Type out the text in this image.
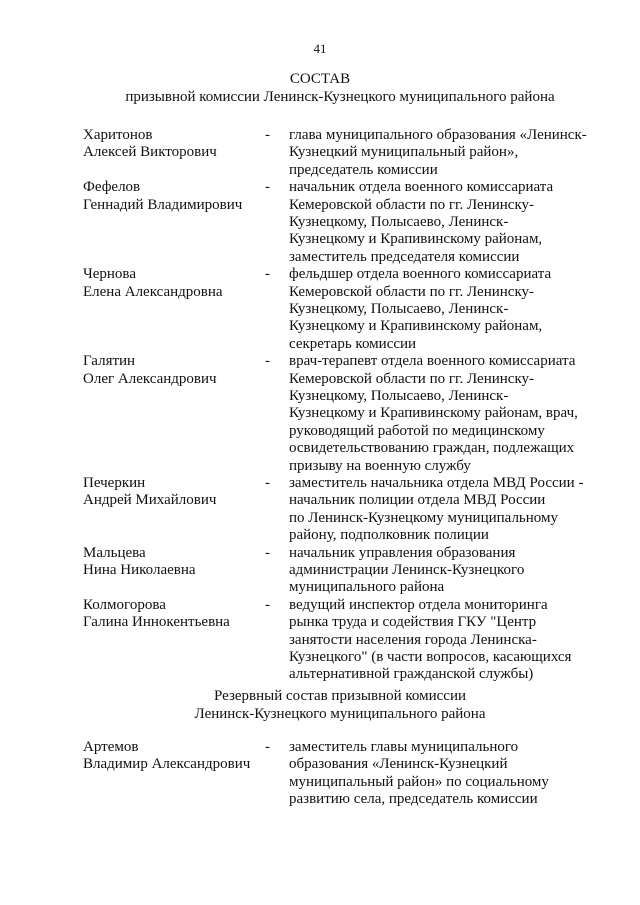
41
СОСТАВ
призывной комиссии Ленинск-Кузнецкого муниципального района
Харитонов
Алексей Викторович
- глава муниципального образования «Ленинск-
Кузнецкий муниципальный район»,
председатель комиссии
Фефелов
Геннадий Владимирович
- начальник отдела военного комиссариата
Кемеровской области по гг. Ленинску-
Кузнецкому, Полысаево, Ленинск-
Кузнецкому и Крапивинскому районам,
заместитель председателя комиссии
Чернова
Елена Александровна
- фельдшер отдела военного комиссариата
Кемеровской области по гг. Ленинску-
Кузнецкому, Полысаево, Ленинск-
Кузнецкому и Крапивинскому районам,
секретарь комиссии
Галятин
Олег Александрович
- врач-терапевт отдела военного комиссариата
Кемеровской области по гг. Ленинску-
Кузнецкому, Полысаево, Ленинск-
Кузнецкому и Крапивинскому районам, врач,
руководящий работой по медицинскому
освидетельствованию граждан, подлежащих
призыву на военную службу
Печеркин
Андрей Михайлович
- заместитель начальника отдела МВД России -
начальник полиции отдела МВД России
по Ленинск-Кузнецкому муниципальному
району, подполковник полиции
Мальцева
Нина Николаевна
- начальник управления образования
администрации Ленинск-Кузнецкого
муниципального района
Колмогорова
Галина Иннокентьевна
- ведущий инспектор отдела мониторинга
рынка труда и содействия ГКУ "Центр
занятости населения города Ленинска-
Кузнецкого" (в части вопросов, касающихся
альтернативной гражданской службы)
Резервный состав призывной комиссии
Ленинск-Кузнецкого муниципального района
Артемов
Владимир Александрович
- заместитель главы муниципального
образования «Ленинск-Кузнецкий
муниципальный район» по социальному
развитию села, председатель комиссии
